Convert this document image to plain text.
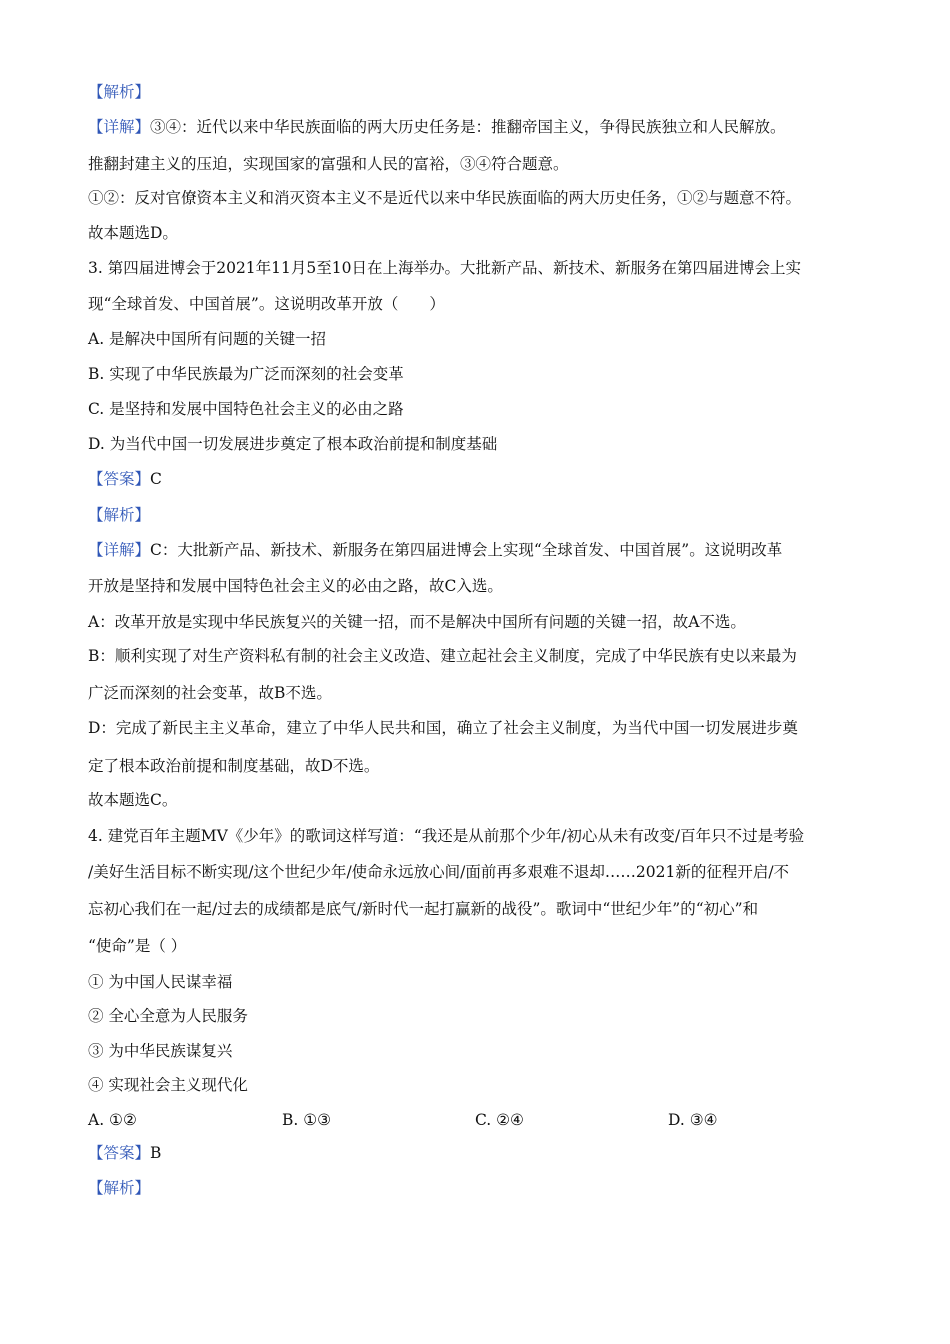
【解析】
【详解】③④：近代以来中华民族面临的两大历史任务是：推翻帝国主义，争得民族独立和人民解放。
推翻封建主义的压迫，实现国家的富强和人民的富裕，③④符合题意。
①②：反对官僚资本主义和消灭资本主义不是近代以来中华民族面临的两大历史任务，①②与题意不符。
故本题选D。
3. 第四届进博会于2021年11月5至10日在上海举办。大批新产品、新技术、新服务在第四届进博会上实
现“全球首发、中国首展”。这说明改革开放（　　）
A. 是解决中国所有问题的关键一招
B. 实现了中华民族最为广泛而深刻的社会变革
C. 是坚持和发展中国特色社会主义的必由之路
D. 为当代中国一切发展进步奠定了根本政治前提和制度基础
【答案】C
【解析】
【详解】C：大批新产品、新技术、新服务在第四届进博会上实现“全球首发、中国首展”。这说明改革
开放是坚持和发展中国特色社会主义的必由之路，故C入选。
A：改革开放是实现中华民族复兴的关键一招，而不是解决中国所有问题的关键一招，故A不选。
B：顺利实现了对生产资料私有制的社会主义改造、建立起社会主义制度，完成了中华民族有史以来最为
广泛而深刻的社会变革，故B不选。
D：完成了新民主主义革命，建立了中华人民共和国，确立了社会主义制度，为当代中国一切发展进步奠
定了根本政治前提和制度基础，故D不选。
故本题选C。
4. 建党百年主题MV《少年》的歌词这样写道：“我还是从前那个少年/初心从未有改变/百年只不过是考验
/美好生活目标不断实现/这个世纪少年/使命永远放心间/面前再多艰难不退却……2021新的征程开启/不
忘初心我们在一起/过去的成绩都是底气/新时代一起打赢新的战役”。歌词中“世纪少年”的“初心”和
“使命”是（ ）
① 为中国人民谋幸福
② 全心全意为人民服务
③ 为中华民族谋复兴
④ 实现社会主义现代化
A. ①②	B. ①③	C. ②④	D. ③④
【答案】B
【解析】
